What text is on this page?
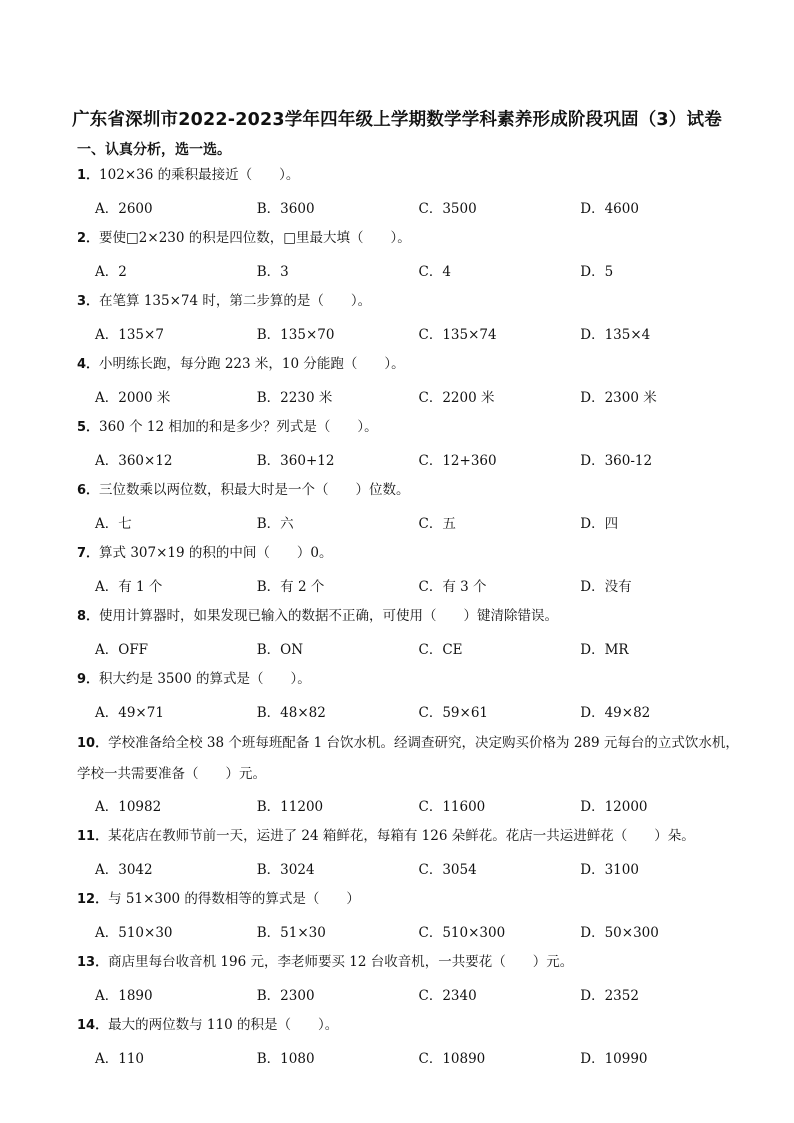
广东省深圳市2022-2023学年四年级上学期数学学科素养形成阶段巩固（3）试卷
一、认真分析，选一选。
1．102×36 的乘积最接近（　　）。
A．2600	B．3600	C．3500	D．4600
2．要使□2×230 的积是四位数，□里最大填（　　）。
A．2	B．3	C．4	D．5
3．在笔算 135×74 时，第二步算的是（　　）。
A．135×7	B．135×70	C．135×74	D．135×4
4．小明练长跑，每分跑 223 米，10 分能跑（　　）。
A．2000 米	B．2230 米	C．2200 米	D．2300 米
5．360 个 12 相加的和是多少？列式是（　　）。
A．360×12	B．360+12	C．12+360	D．360-12
6．三位数乘以两位数，积最大时是一个（　　）位数。
A．七	B．六	C．五	D．四
7．算式 307×19 的积的中间（　　）0。
A．有 1 个	B．有 2 个	C．有 3 个	D．没有
8．使用计算器时，如果发现已输入的数据不正确，可使用（　　）键清除错误。
A．OFF	B．ON	C．CE	D．MR
9．积大约是 3500 的算式是（　　）。
A．49×71	B．48×82	C．59×61	D．49×82
10．学校准备给全校 38 个班每班配备 1 台饮水机。经调查研究，决定购买价格为 289 元每台的立式饮水机，学校一共需要准备（　　）元。
A．10982	B．11200	C．11600	D．12000
11．某花店在教师节前一天，运进了 24 箱鲜花，每箱有 126 朵鲜花。花店一共运进鲜花（　　）朵。
A．3042	B．3024	C．3054	D．3100
12．与 51×300 的得数相等的算式是（　　）
A．510×30	B．51×30	C．510×300	D．50×300
13．商店里每台收音机 196 元，李老师要买 12 台收音机，一共要花（　　）元。
A．1890	B．2300	C．2340	D．2352
14．最大的两位数与 110 的积是（　　）。
A．110	B．1080	C．10890	D．10990
